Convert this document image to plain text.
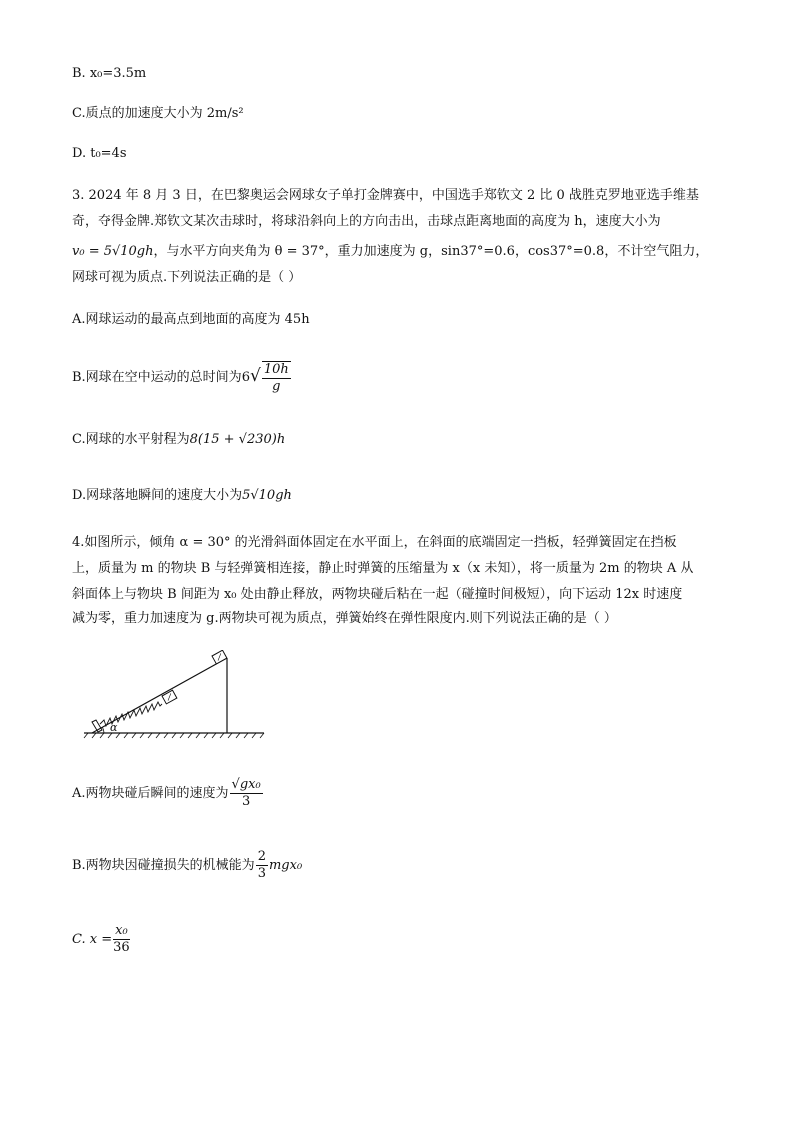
B. x₀=3.5m
C.质点的加速度大小为 2m/s²
D. t₀=4s
3. 2024 年 8 月 3 日，在巴黎奥运会网球女子单打金牌赛中，中国选手郑钦文 2 比 0 战胜克罗地亚选手维基
奇，夺得金牌.郑钦文某次击球时，将球沿斜向上的方向击出，击球点距离地面的高度为 h，速度大小为
v₀ = 5√10gh，与水平方向夹角为 θ = 37°，重力加速度为 g，sin37°=0.6，cos37°=0.8，不计空气阻力，
网球可视为质点.下列说法正确的是（ ）
A.网球运动的最高点到地面的高度为 45h
B.网球在空中运动的总时间为$6√ \frac{10h}{g}$
C.网球的水平射程为8(15 + √230)h
D.网球落地瞬间的速度大小为5√10gh
4.如图所示，倾角 α = 30° 的光滑斜面体固定在水平面上，在斜面的底端固定一挡板，轻弹簧固定在挡板
上，质量为 m 的物块 B 与轻弹簧相连接，静止时弹簧的压缩量为 x（x 未知），将一质量为 2m 的物块 A 从
斜面体上与物块 B 间距为 x₀ 处由静止释放，两物块碰后粘在一起（碰撞时间极短），向下运动 12x 时速度
减为零，重力加速度为 g.两物块可视为质点，弹簧始终在弹性限度内.则下列说法正确的是（ ）
α
A.两物块碰后瞬间的速度为 $\frac{\text{√gx₀}}{3}$
B.两物块因碰撞损失的机械能为 $\frac{2}{3} mgx_0$
C. $x = \frac{\text{x₀}}{36}$
